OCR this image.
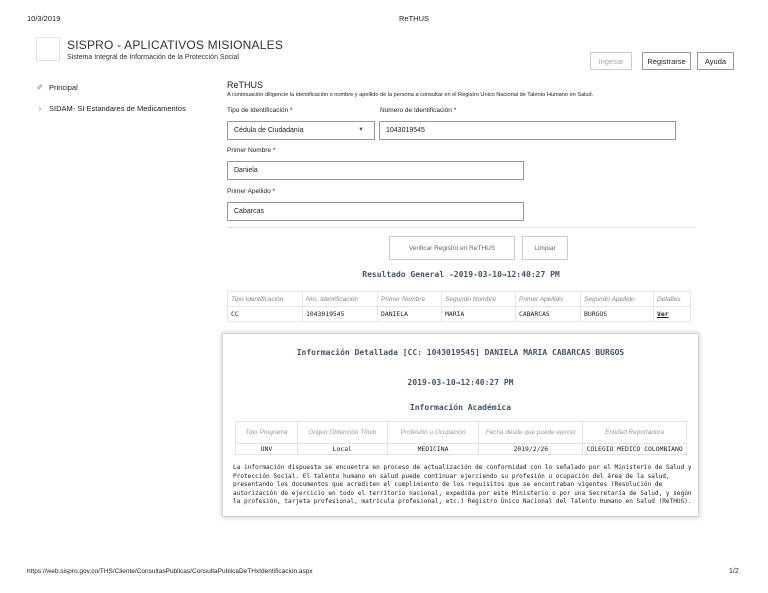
10/3/2019	ReTHUS
SISPRO - APLICATIVOS MISIONALES
Sistema Integral de Información de la Protección Social	Ingesar	Registrarse	Ayuda
✐ Principal
›	SIDAM- SI Estandares de Medicamentos
ReTHUS
A continuación diligencie la identificación o nombre y apellido de la persona a consultar en el Registro Unico Nacional de Talento Humano en Salud.
Tipo de Identificación *
Cédula de Ciudadanía	▼
Número de Identificación *
1043019545
Primer Nombre *
Daniela
Primer Apellido *
Cabarcas
Verificar Registro en ReTHUS	Limpiar
Resultado General -2019-03-10→12:40:27 PM
Tipo Identificación	Nro. Identificación	Primer Nombre	Segundo Nombre	Primer Apellido	Segundo Apellido	Detalles
CC	1043019545	DANIELA	MARIA	CABARCAS	BURGOS	Ver
Información Detallada [CC: 1043019545] DANIELA MARIA CABARCAS BURGOS
2019-03-10→12:40:27 PM
Información Académica
Tipo Programa	Origen Obtención Título	Profesión u Ocupación	Fecha desde que puede ejercer	Entidad Reportadora
UNV	Local	MEDICINA	2019/2/26	COLEGIO MEDICO COLOMBIANO
La información dispuesta se encuentra en proceso de actualización de conformidad con lo señalado por el Ministerio de Salud y Protección Social. El talento humano en salud puede continuar ejerciendo su profesión u ocupación del área de la salud, presentando los documentos que acrediten el cumplimiento de los requisitos que se encontraban vigentes (Resolución de autorización de ejercicio en todo el territorio nacional, expedida por este Ministerio o por una Secretaría de Salud, y según la profesión, tarjeta profesional, matrícula profesional, etc.) Registro Único Nacional del Talento Humano en Salud (ReTHUS).
https://web.sispro.gov.co/THS/Cliente/ConsultasPublicas/ConsultaPublicaDeTHxIdentificacion.aspx	1/2
